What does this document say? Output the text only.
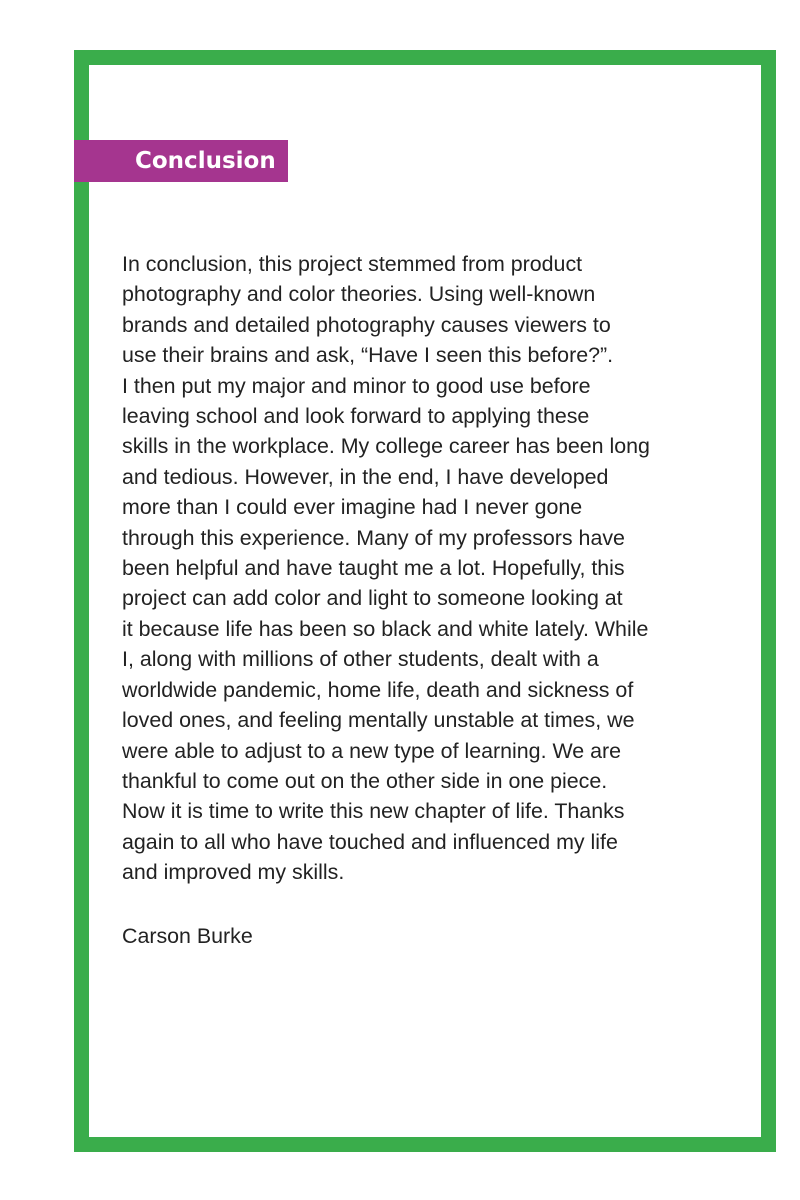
Conclusion

In conclusion, this project stemmed from product
photography and color theories. Using well-known
brands and detailed photography causes viewers to
use their brains and ask, “Have I seen this before?”.
I then put my major and minor to good use before
leaving school and look forward to applying these
skills in the workplace. My college career has been long
and tedious. However, in the end, I have developed
more than I could ever imagine had I never gone
through this experience. Many of my professors have
been helpful and have taught me a lot. Hopefully, this
project can add color and light to someone looking at
it because life has been so black and white lately. While
I, along with millions of other students, dealt with a
worldwide pandemic, home life, death and sickness of
loved ones, and feeling mentally unstable at times, we
were able to adjust to a new type of learning. We are
thankful to come out on the other side in one piece.
Now it is time to write this new chapter of life. Thanks
again to all who have touched and influenced my life
and improved my skills.

Carson Burke
